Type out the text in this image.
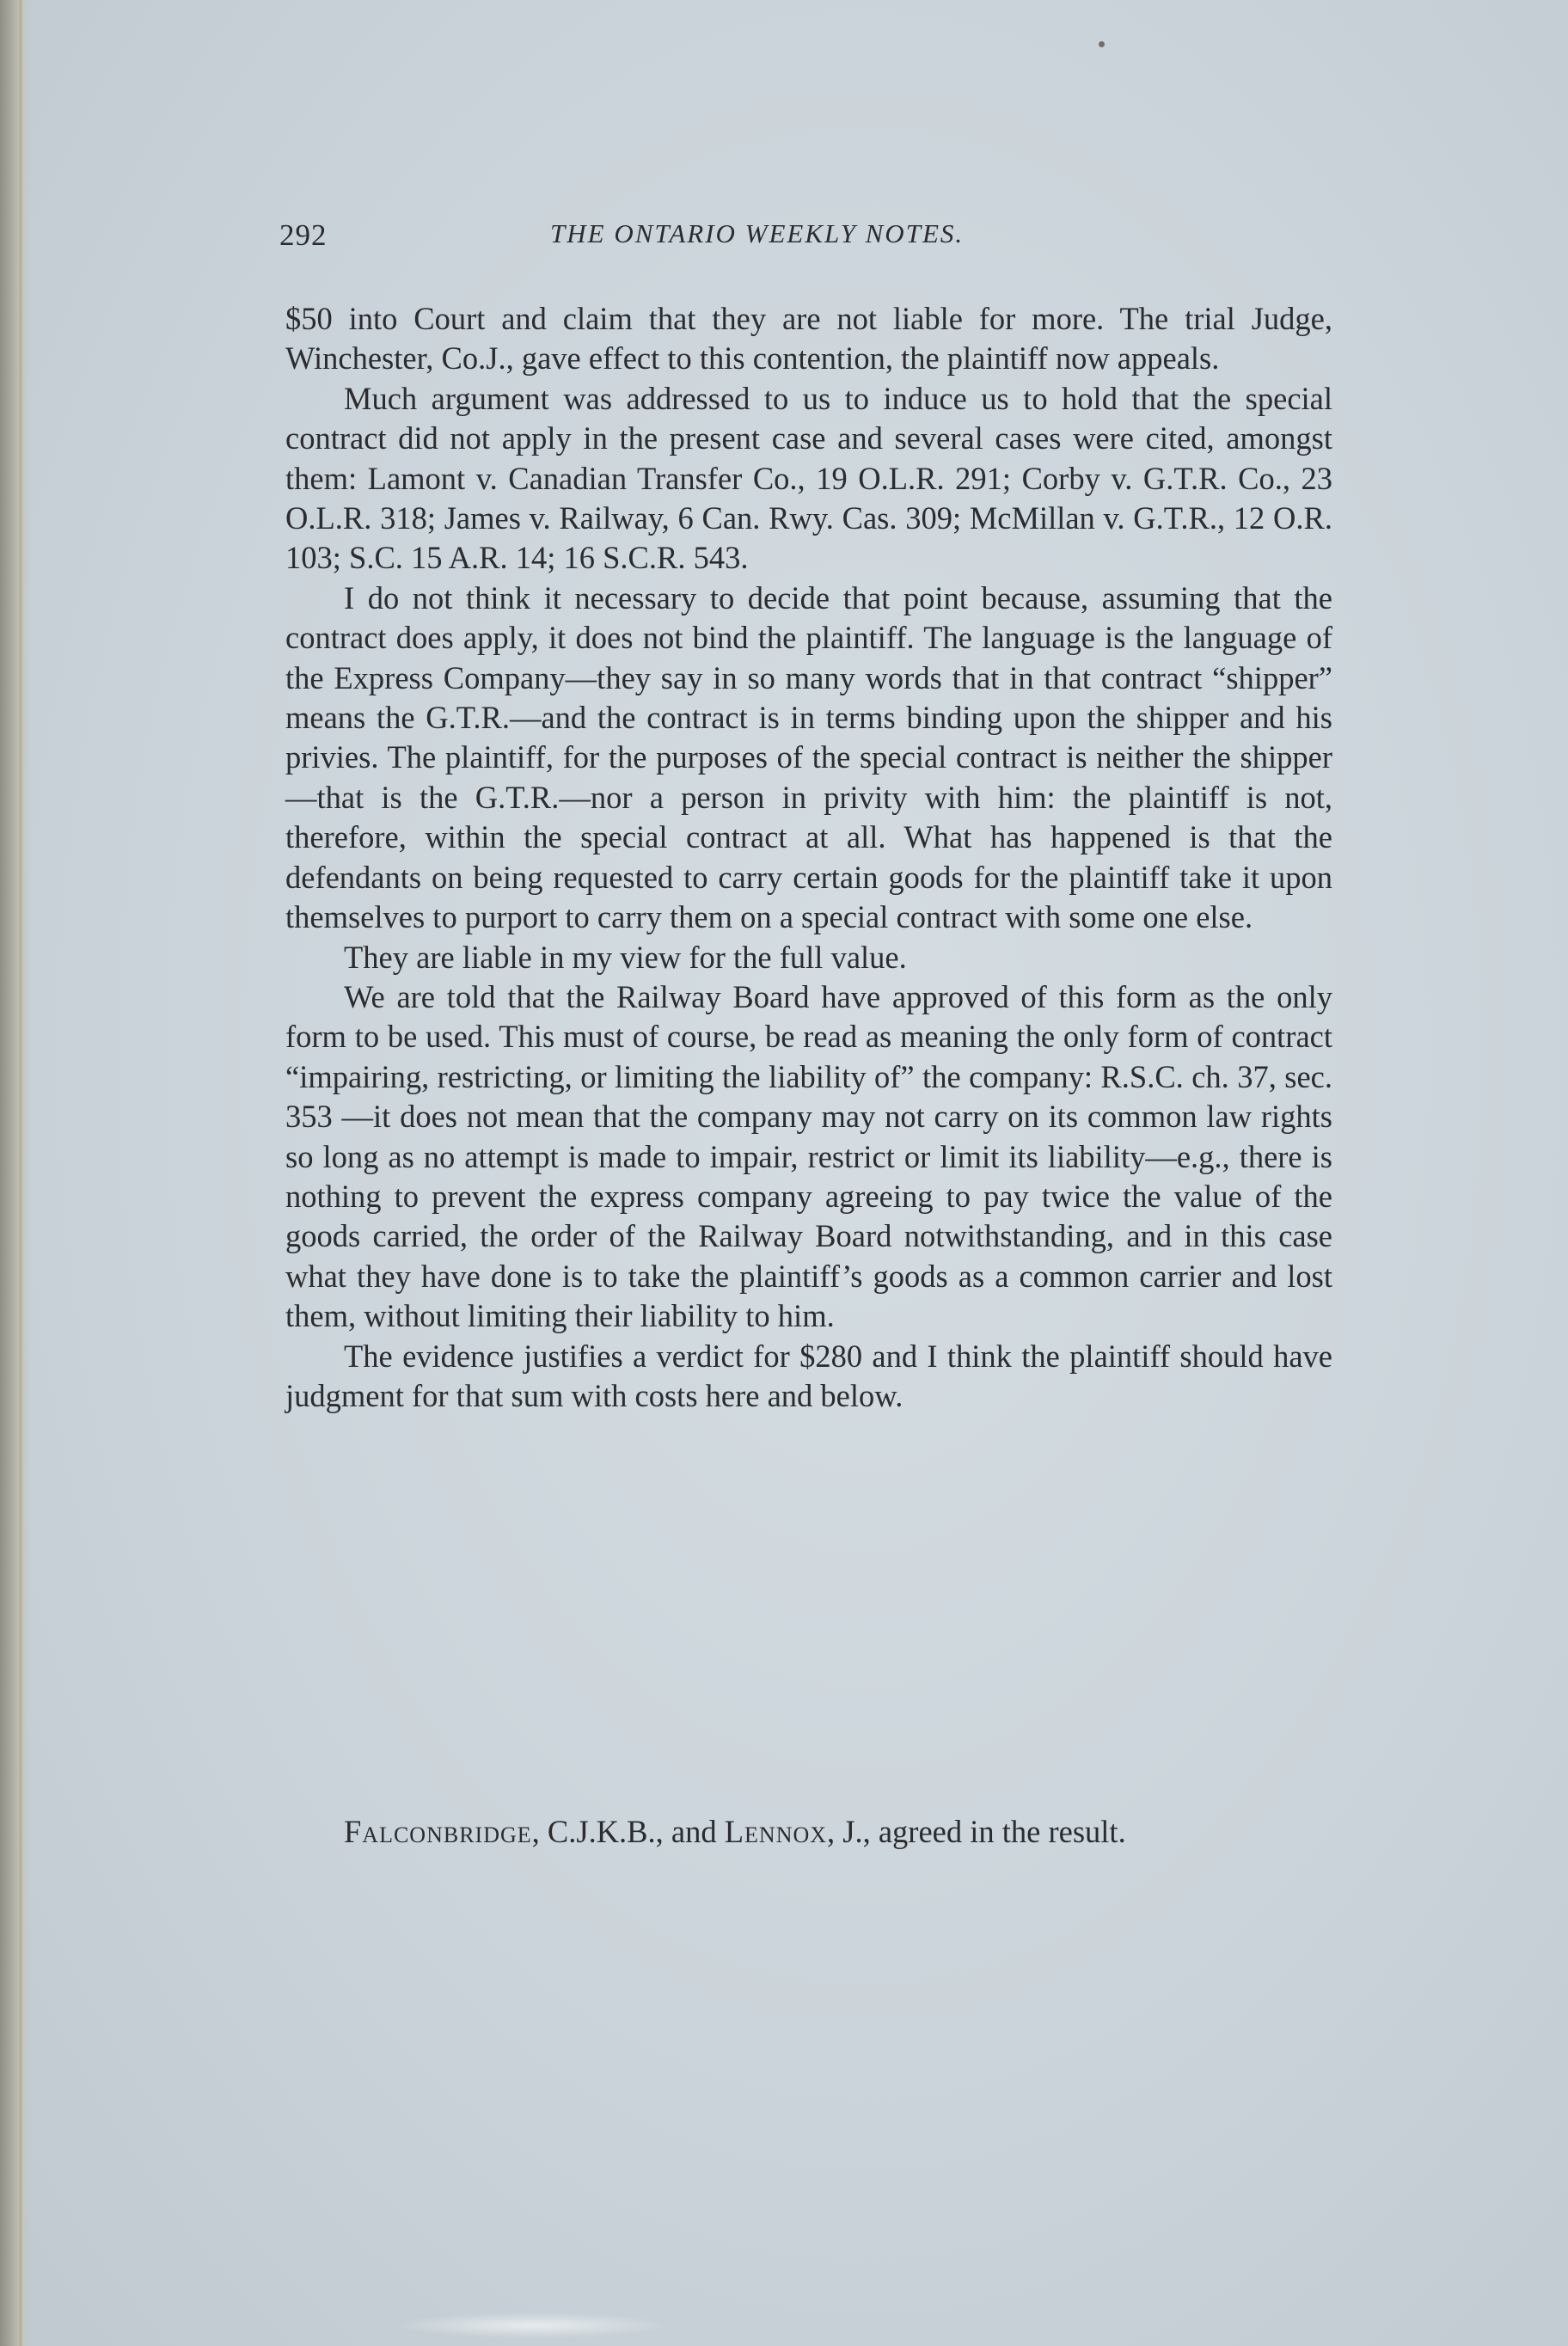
292	THE ONTARIO WEEKLY NOTES.

$50 into Court and claim that they are not liable for more. The trial Judge, Winchester, Co.J., gave effect to this contention, the plaintiff now appeals.

Much argument was addressed to us to induce us to hold that the special contract did not apply in the present case and several cases were cited, amongst them: Lamont v. Canadian Transfer Co., 19 O.L.R. 291; Corby v. G.T.R. Co., 23 O.L.R. 318; James v. Railway, 6 Can. Rwy. Cas. 309; McMillan v. G.T.R., 12 O.R. 103; S.C. 15 A.R. 14; 16 S.C.R. 543.

I do not think it necessary to decide that point because, assuming that the contract does apply, it does not bind the plaintiff. The language is the language of the Express Company—they say in so many words that in that contract “shipper” means the G.T.R.—and the contract is in terms binding upon the shipper and his privies. The plaintiff, for the purposes of the special contract is neither the shipper—that is the G.T.R.—nor a person in privity with him: the plaintiff is not, therefore, within the special contract at all. What has happened is that the defendants on being requested to carry certain goods for the plaintiff take it upon themselves to purport to carry them on a special contract with some one else.

They are liable in my view for the full value.

We are told that the Railway Board have approved of this form as the only form to be used. This must of course, be read as meaning the only form of contract “impairing, restricting, or limiting the liability of” the company: R.S.C. ch. 37, sec. 353 —it does not mean that the company may not carry on its common law rights so long as no attempt is made to impair, restrict or limit its liability—e.g., there is nothing to prevent the express company agreeing to pay twice the value of the goods carried, the order of the Railway Board notwithstanding, and in this case what they have done is to take the plaintiff’s goods as a common carrier and lost them, without limiting their liability to him.

The evidence justifies a verdict for $280 and I think the plaintiff should have judgment for that sum with costs here and below.

Falconbridge, C.J.K.B., and Lennox, J., agreed in the result.
